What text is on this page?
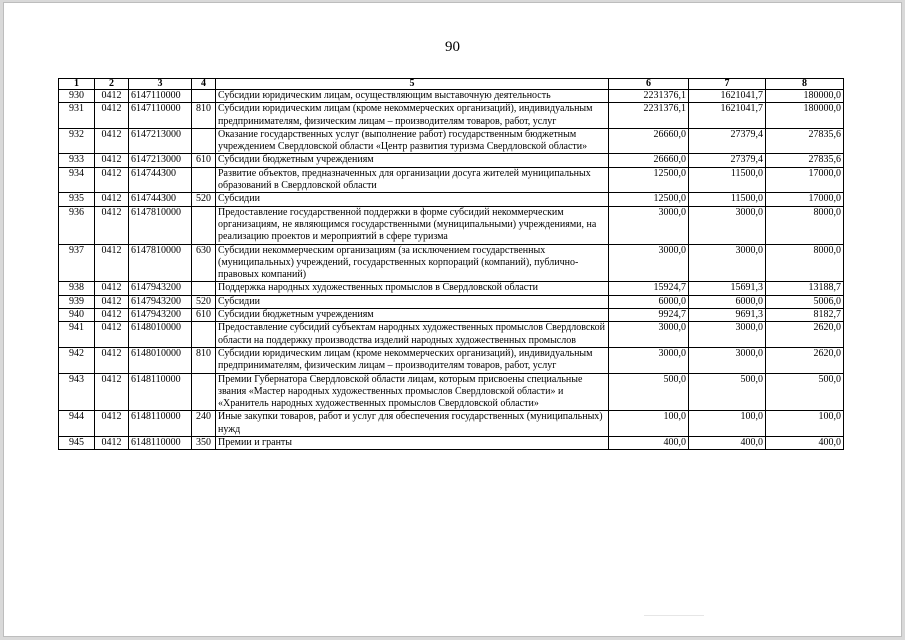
90
1	2	3	4	5	6	7	8
930	0412	6147110000		Субсидии юридическим лицам, осуществляющим выставочную деятельность	2231376,1	1621041,7	180000,0
931	0412	6147110000	810	Субсидии юридическим лицам (кроме некоммерческих организаций), индивидуальным предпринимателям, физическим лицам – производителям товаров, работ, услуг	2231376,1	1621041,7	180000,0
932	0412	6147213000		Оказание государственных услуг (выполнение работ) государственным бюджетным учреждением Свердловской области «Центр развития туризма Свердловской области»	26660,0	27379,4	27835,6
933	0412	6147213000	610	Субсидии бюджетным учреждениям	26660,0	27379,4	27835,6
934	0412	614744З00		Развитие объектов, предназначенных для организации досуга жителей муниципальных образований в Свердловской области	12500,0	11500,0	17000,0
935	0412	614744З00	520	Субсидии	12500,0	11500,0	17000,0
936	0412	6147810000		Предоставление государственной поддержки в форме субсидий некоммерческим организациям, не являющимся государственными (муниципальными) учреждениями, на реализацию проектов и мероприятий в сфере туризма	3000,0	3000,0	8000,0
937	0412	6147810000	630	Субсидии некоммерческим организациям (за исключением государственных (муниципальных) учреждений, государственных корпораций (компаний), публично-правовых компаний)	3000,0	3000,0	8000,0
938	0412	6147943200		Поддержка народных художественных промыслов в Свердловской области	15924,7	15691,3	13188,7
939	0412	6147943200	520	Субсидии	6000,0	6000,0	5006,0
940	0412	6147943200	610	Субсидии бюджетным учреждениям	9924,7	9691,3	8182,7
941	0412	6148010000		Предоставление субсидий субъектам народных художественных промыслов Свердловской области на поддержку производства изделий народных художественных промыслов	3000,0	3000,0	2620,0
942	0412	6148010000	810	Субсидии юридическим лицам (кроме некоммерческих организаций), индивидуальным предпринимателям, физическим лицам – производителям товаров, работ, услуг	3000,0	3000,0	2620,0
943	0412	6148110000		Премии Губернатора Свердловской области лицам, которым присвоены специальные звания «Мастер народных художественных промыслов Свердловской области» и «Хранитель народных художественных промыслов Свердловской области»	500,0	500,0	500,0
944	0412	6148110000	240	Иные закупки товаров, работ и услуг для обеспечения государственных (муниципальных) нужд	100,0	100,0	100,0
945	0412	6148110000	350	Премии и гранты	400,0	400,0	400,0
